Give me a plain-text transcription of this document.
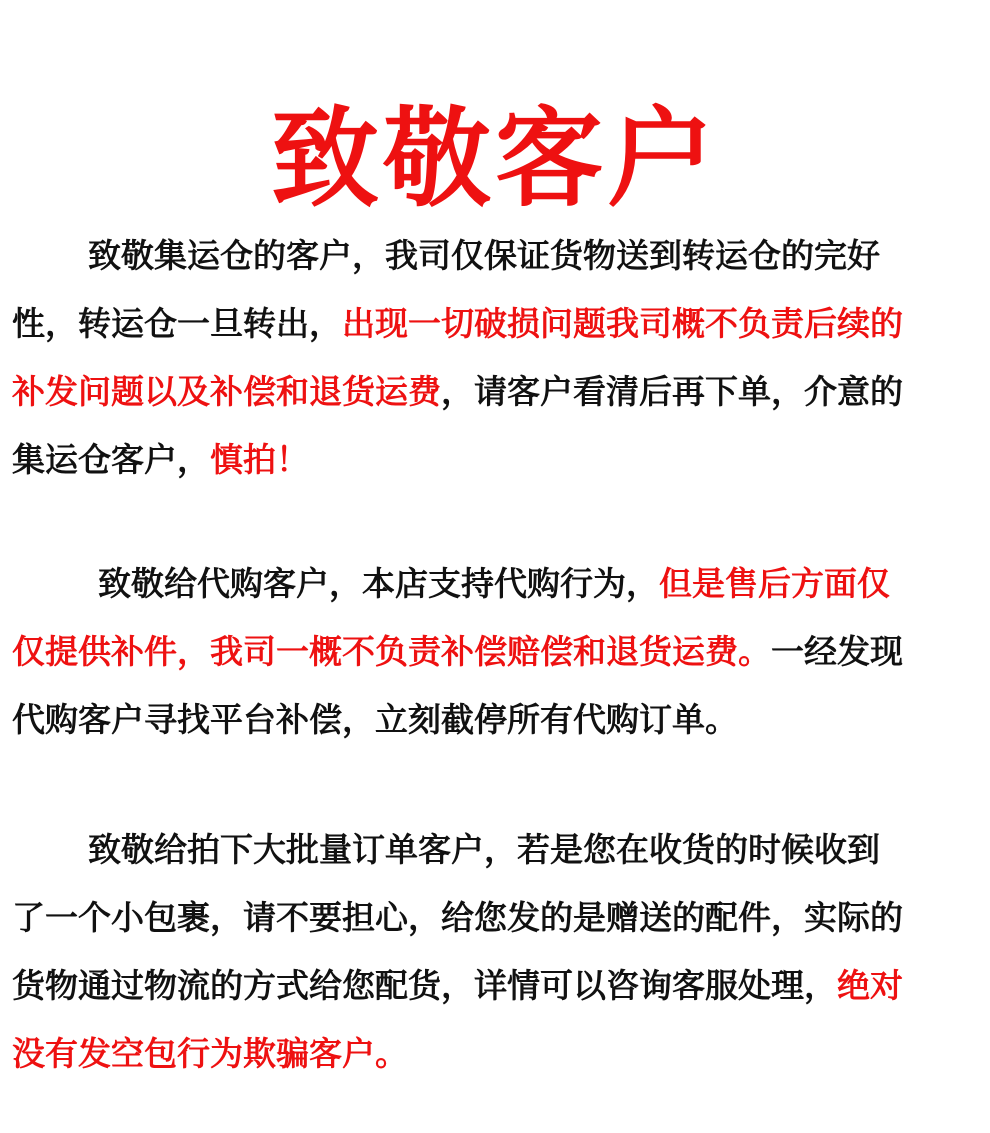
致敬客户
致敬集运仓的客户，我司仅保证货物送到转运仓的完好
性，转运仓一旦转出，出现一切破损问题我司概不负责后续的
补发问题以及补偿和退货运费，请客户看清后再下单，介意的
集运仓客户，慎拍！
致敬给代购客户，本店支持代购行为，但是售后方面仅
仅提供补件，我司一概不负责补偿赔偿和退货运费。一经发现
代购客户寻找平台补偿，立刻截停所有代购订单。
致敬给拍下大批量订单客户，若是您在收货的时候收到
了一个小包裹，请不要担心，给您发的是赠送的配件，实际的
货物通过物流的方式给您配货，详情可以咨询客服处理，绝对
没有发空包行为欺骗客户。
